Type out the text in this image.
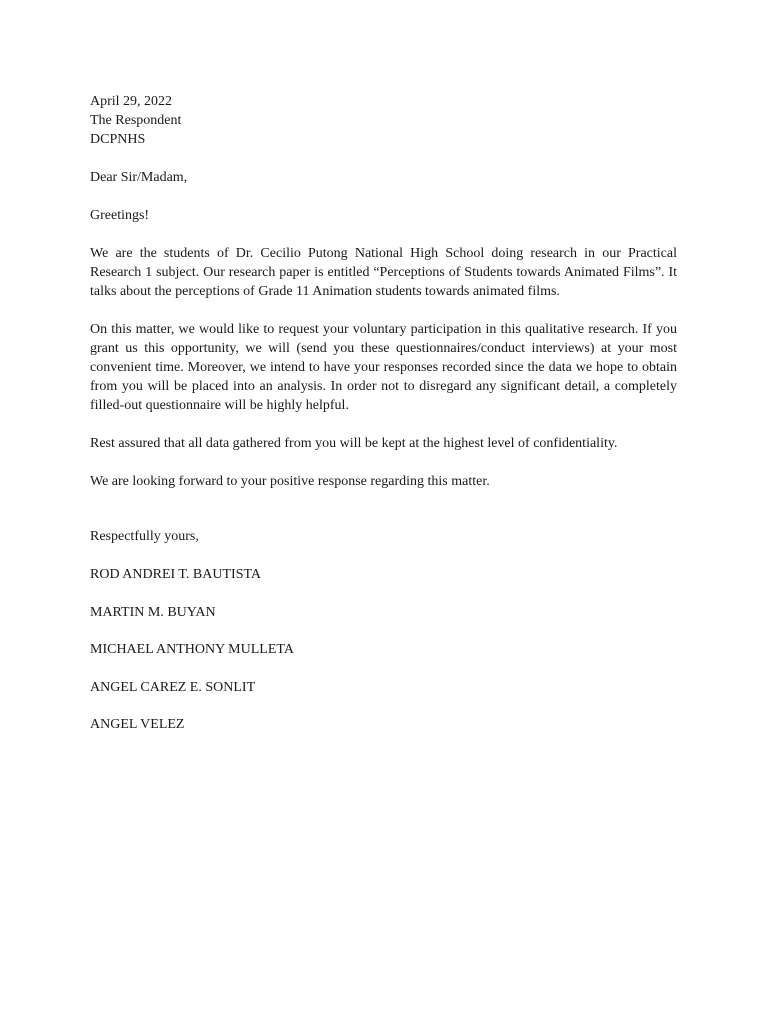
April 29, 2022
The Respondent
DCPNHS
Dear Sir/Madam,
Greetings!
We are the students of Dr. Cecilio Putong National High School doing research in our Practical Research 1 subject. Our research paper is entitled “Perceptions of Students towards Animated Films”. It talks about the perceptions of Grade 11 Animation students towards animated films.
On this matter, we would like to request your voluntary participation in this qualitative research. If you grant us this opportunity, we will (send you these questionnaires/conduct interviews) at your most convenient time. Moreover, we intend to have your responses recorded since the data we hope to obtain from you will be placed into an analysis. In order not to disregard any significant detail, a completely filled-out questionnaire will be highly helpful.
Rest assured that all data gathered from you will be kept at the highest level of confidentiality.
We are looking forward to your positive response regarding this matter.
Respectfully yours,
ROD ANDREI T. BAUTISTA
MARTIN M. BUYAN
MICHAEL ANTHONY MULLETA
ANGEL CAREZ E. SONLIT
ANGEL VELEZ
